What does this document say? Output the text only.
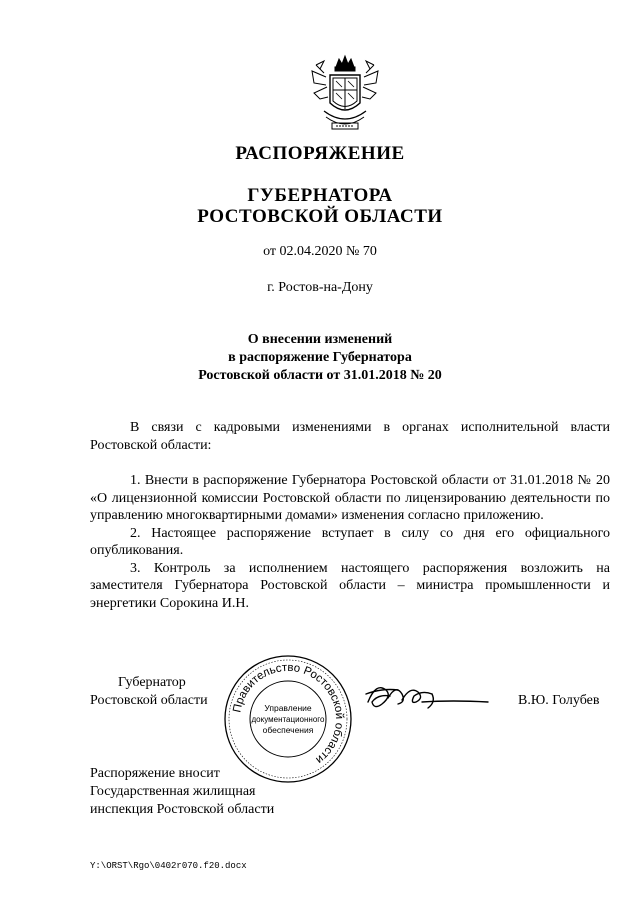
РАСПОРЯЖЕНИЕ
ГУБЕРНАТОРА
РОСТОВСКОЙ ОБЛАСТИ
от 02.04.2020 № 70
г. Ростов-на-Дону
О внесении изменений
в распоряжение Губернатора
Ростовской области от 31.01.2018 № 20

В связи с кадровыми изменениями в органах исполнительной власти Ростовской области:

1. Внести в распоряжение Губернатора Ростовской области от 31.01.2018 № 20 «О лицензионной комиссии Ростовской области по лицензированию деятельности по управлению многоквартирными домами» изменения согласно приложению.

2. Настоящее распоряжение вступает в силу со дня его официального опубликования.

3. Контроль за исполнением настоящего распоряжения возложить на заместителя Губернатора Ростовской области – министра промышленности и энергетики Сорокина И.Н.

Губернатор
Ростовской области
Правительство Ростовской области
Управление
документационного
обеспечения
В.Ю. Голубев
Распоряжение вносит
Государственная жилищная
инспекция Ростовской области
Y:\ORST\Rgo\0402r070.f20.docx
